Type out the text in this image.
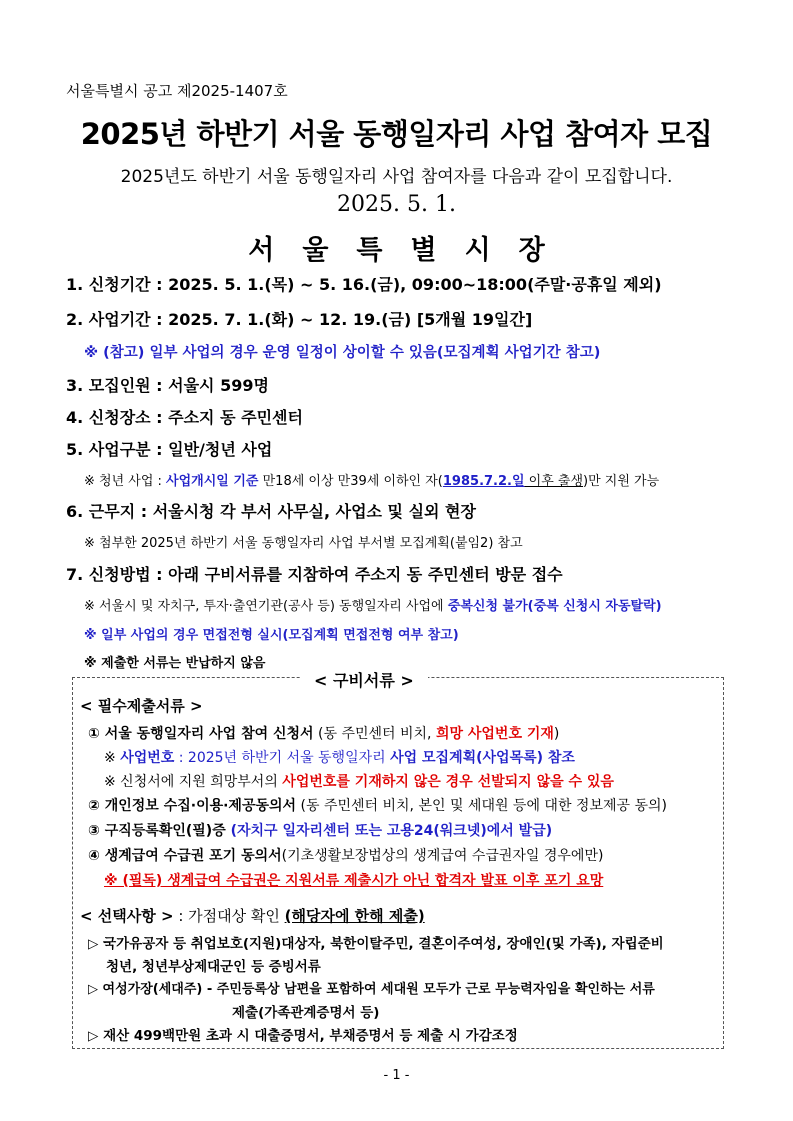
서울특별시 공고 제2025-1407호
2025년 하반기 서울 동행일자리 사업 참여자 모집
2025년도 하반기 서울 동행일자리 사업 참여자를 다음과 같이 모집합니다.
2025. 5. 1.
서울특별시장
1. 신청기간 : 2025. 5. 1.(목) ~ 5. 16.(금), 09:00~18:00(주말·공휴일 제외)
2. 사업기간 : 2025. 7. 1.(화) ~ 12. 19.(금) [5개월 19일간]
※ (참고) 일부 사업의 경우 운영 일정이 상이할 수 있음(모집계획 사업기간 참고)
3. 모집인원 : 서울시 599명
4. 신청장소 : 주소지 동 주민센터
5. 사업구분 : 일반/청년 사업
※ 청년 사업 : 사업개시일 기준 만18세 이상 만39세 이하인 자(1985.7.2.일 이후 출생)만 지원 가능
6. 근무지 : 서울시청 각 부서 사무실, 사업소 및 실외 현장
※ 첨부한 2025년 하반기 서울 동행일자리 사업 부서별 모집계획(붙임2) 참고
7. 신청방법 : 아래 구비서류를 지참하여 주소지 동 주민센터 방문 접수
※ 서울시 및 자치구, 투자·출연기관(공사 등) 동행일자리 사업에 중복신청 불가(중복 신청시 자동탈락)
※ 일부 사업의 경우 면접전형 실시(모집계획 면접전형 여부 참고)
※ 제출한 서류는 반납하지 않음
< 구비서류 >
< 필수제출서류 >
① 서울 동행일자리 사업 참여 신청서 (동 주민센터 비치, 희망 사업번호 기재)
※ 사업번호 : 2025년 하반기 서울 동행일자리 사업 모집계획(사업목록) 참조
※ 신청서에 지원 희망부서의 사업번호를 기재하지 않은 경우 선발되지 않을 수 있음
② 개인정보 수집·이용·제공동의서 (동 주민센터 비치, 본인 및 세대원 등에 대한 정보제공 동의)
③ 구직등록확인(필)증 (자치구 일자리센터 또는 고용24(워크넷)에서 발급)
④ 생계급여 수급권 포기 동의서(기초생활보장법상의 생계급여 수급권자일 경우에만)
※ (필독) 생계급여 수급권은 지원서류 제출시가 아닌 합격자 발표 이후 포기 요망
< 선택사항 > : 가점대상 확인 (해당자에 한해 제출)
▷ 국가유공자 등 취업보호(지원)대상자, 북한이탈주민, 결혼이주여성, 장애인(및 가족), 자립준비
청년, 청년부상제대군인 등 증빙서류
▷ 여성가장(세대주) - 주민등록상 남편을 포함하여 세대원 모두가 근로 무능력자임을 확인하는 서류
제출(가족관계증명서 등)
▷ 재산 499백만원 초과 시 대출증명서, 부채증명서 등 제출 시 가감조정
- 1 -
